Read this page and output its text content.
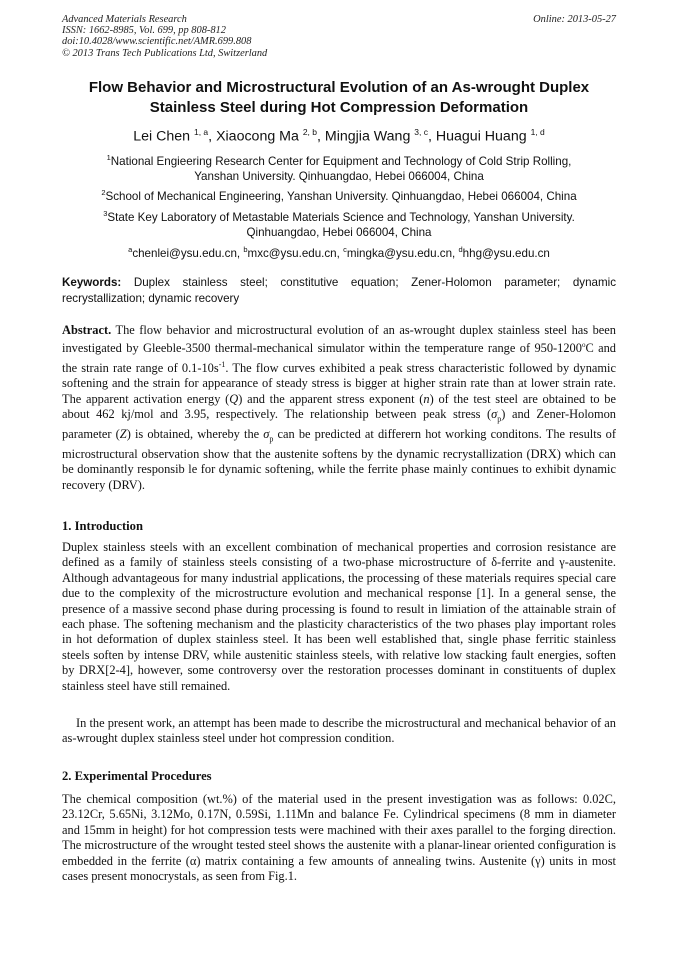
Advanced Materials Research
ISSN: 1662-8985, Vol. 699, pp 808-812
doi:10.4028/www.scientific.net/AMR.699.808
© 2013 Trans Tech Publications Ltd, Switzerland
Online: 2013-05-27
Flow Behavior and Microstructural Evolution of an As-wrought Duplex
Stainless Steel during Hot Compression Deformation
Lei Chen $^{1, a}$, Xiaocong Ma $^{2, b}$, Mingjia Wang $^{3, c}$, Huagui Huang $^{1, d}$
$^1$National Engieering Research Center for Equipment and Technology of Cold Strip Rolling,
Yanshan University. Qinhuangdao, Hebei 066004, China
$^2$School of Mechanical Engineering, Yanshan University. Qinhuangdao, Hebei 066004, China
$^3$State Key Laboratory of Metastable Materials Science and Technology, Yanshan University.
Qinhuangdao, Hebei 066004, China
$^a$chenlei@ysu.edu.cn, $^b$mxc@ysu.edu.cn, $^c$mingka@ysu.edu.cn, $^d$hhg@ysu.edu.cn
Keywords: Duplex stainless steel; constitutive equation; Zener-Holomon parameter; dynamic recrystallization; dynamic recovery
Abstract. The flow behavior and microstructural evolution of an as-wrought duplex stainless steel has been investigated by Gleeble-3500 thermal-mechanical simulator within the temperature range of 950-1200$^o$C and the strain rate range of $0.1-10s^{-1}$. The flow curves exhibited a peak stress characteristic followed by dynamic softening and the strain for appearance of steady stress is bigger at higher strain rate than at lower strain rate. The apparent activation energy (Q) and the apparent stress exponent (n) of the test steel are obtained to be about 462 kj/mol and 3.95, respectively. The relationship between peak stress $(\sigma_p)$ and Zener-Holomon parameter (Z) is obtained, whereby the $\sigma_p$ can be predicted at differern hot working conditons. The results of microstructural observation show that the austenite softens by the dynamic recrystallization (DRX) which can be dominantly responsib le for dynamic softening, while the ferrite phase mainly continues to exhibit dynamic recovery (DRV).
1. Introduction
Duplex stainless steels with an excellent combination of mechanical properties and corrosion resistance are defined as a family of stainless steels consisting of a two-phase microstructure of δ-ferrite and γ-austenite. Although advantageous for many industrial applications, the processing of these materials requires special care due to the complexity of the microstructure evolution and mechanical response [1]. In a general sense, the presence of a massive second phase during processing is found to result in limiation of the attainable strain of each phase. The softening mechanism and the plasticity characteristics of the two phases play important roles in hot deformation of duplex stainless steel. It has been well established that, single phase ferritic stainless steels soften by intense DRV, while austenitic stainless steels, with relative low stacking fault energies, soften by DRX[2-4], however, some controversy over the restoration processes dominant in constituents of duplex stainless steel have still remained.
In the present work, an attempt has been made to describe the microstructural and mechanical behavior of an as-wrought duplex stainless steel under hot compression condition.
2. Experimental Procedures
The chemical composition (wt.%) of the material used in the present investigation was as follows: 0.02C, 23.12Cr, 5.65Ni, 3.12Mo, 0.17N, 0.59Si, 1.11Mn and balance Fe. Cylindrical specimens (8 mm in diameter and 15mm in height) for hot compression tests were machined with their axes parallel to the forging direction. The microstructure of the wrought tested steel shows the austenite with a planar-linear oriented configuration is embedded in the ferrite (α) matrix containing a few amounts of annealing twins. Austenite (γ) units in most cases present monocrystals, as seen from Fig.1.
